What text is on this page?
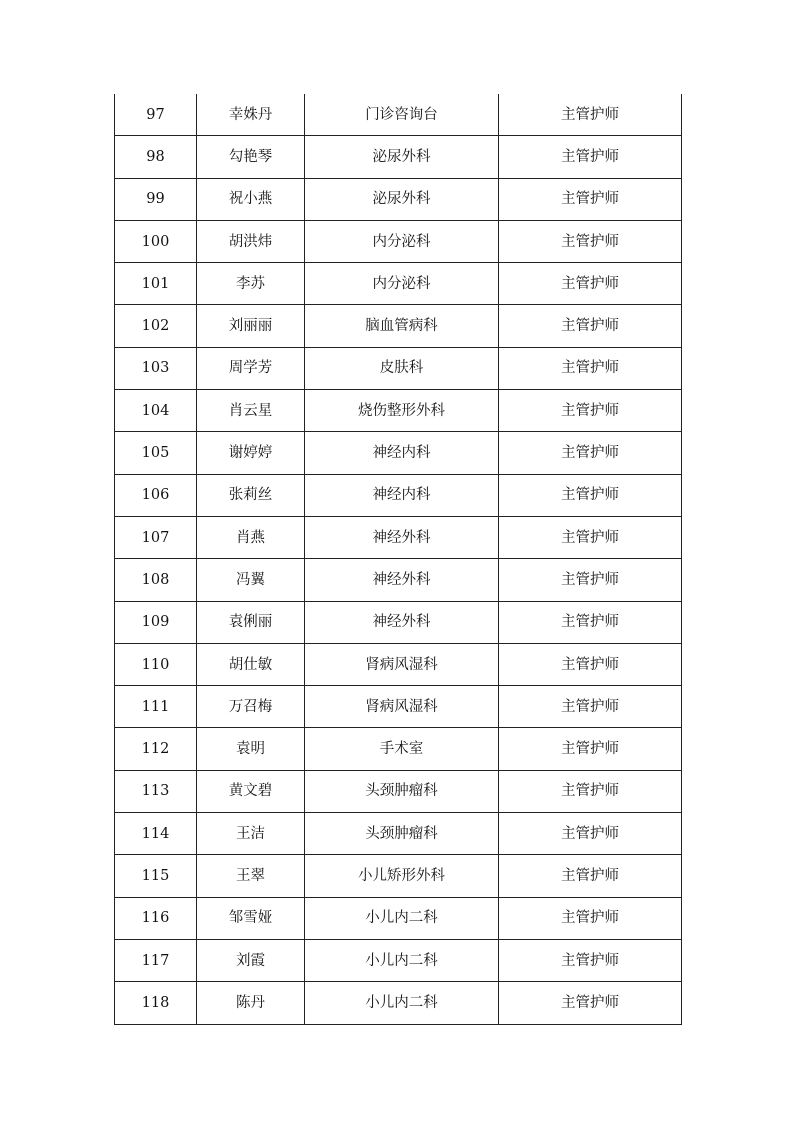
97	幸姝丹	门诊咨询台	主管护师
98	勾艳琴	泌尿外科	主管护师
99	祝小燕	泌尿外科	主管护师
100	胡洪炜	内分泌科	主管护师
101	李苏	内分泌科	主管护师
102	刘丽丽	脑血管病科	主管护师
103	周学芳	皮肤科	主管护师
104	肖云星	烧伤整形外科	主管护师
105	谢婷婷	神经内科	主管护师
106	张莉丝	神经内科	主管护师
107	肖燕	神经外科	主管护师
108	冯翼	神经外科	主管护师
109	袁俐丽	神经外科	主管护师
110	胡仕敏	肾病风湿科	主管护师
111	万召梅	肾病风湿科	主管护师
112	袁明	手术室	主管护师
113	黄文碧	头颈肿瘤科	主管护师
114	王洁	头颈肿瘤科	主管护师
115	王翠	小儿矫形外科	主管护师
116	邹雪娅	小儿内二科	主管护师
117	刘霞	小儿内二科	主管护师
118	陈丹	小儿内二科	主管护师
